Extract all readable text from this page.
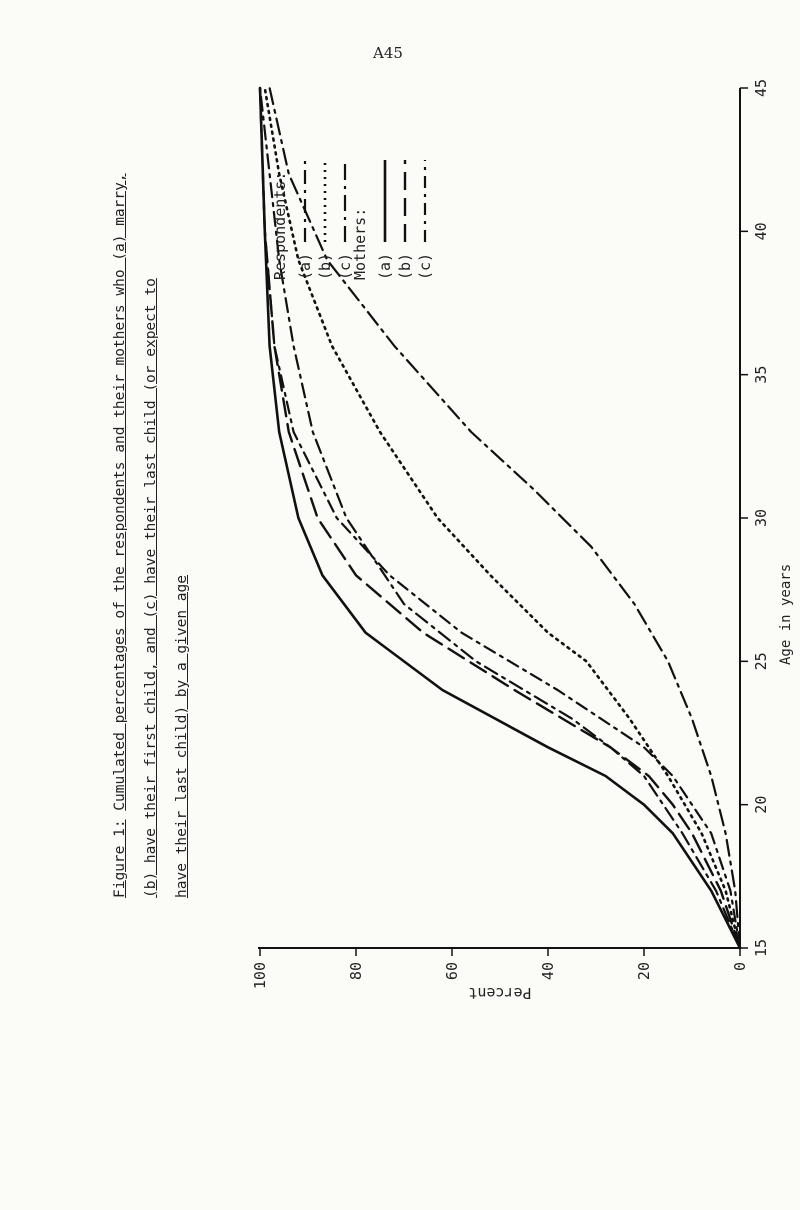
A45
Figure 1: Cumulated percentages of the respondents and their mothers who (a) marry, (b) have their first child, and (c) have their last child (or expect to have their last child) by a given age
15
20
25
30
35
40
45
0
20
40
60
80
100
Percent
Respondents: (a) (b) (c)
Mothers: (a) (b) (c)
Age in years
